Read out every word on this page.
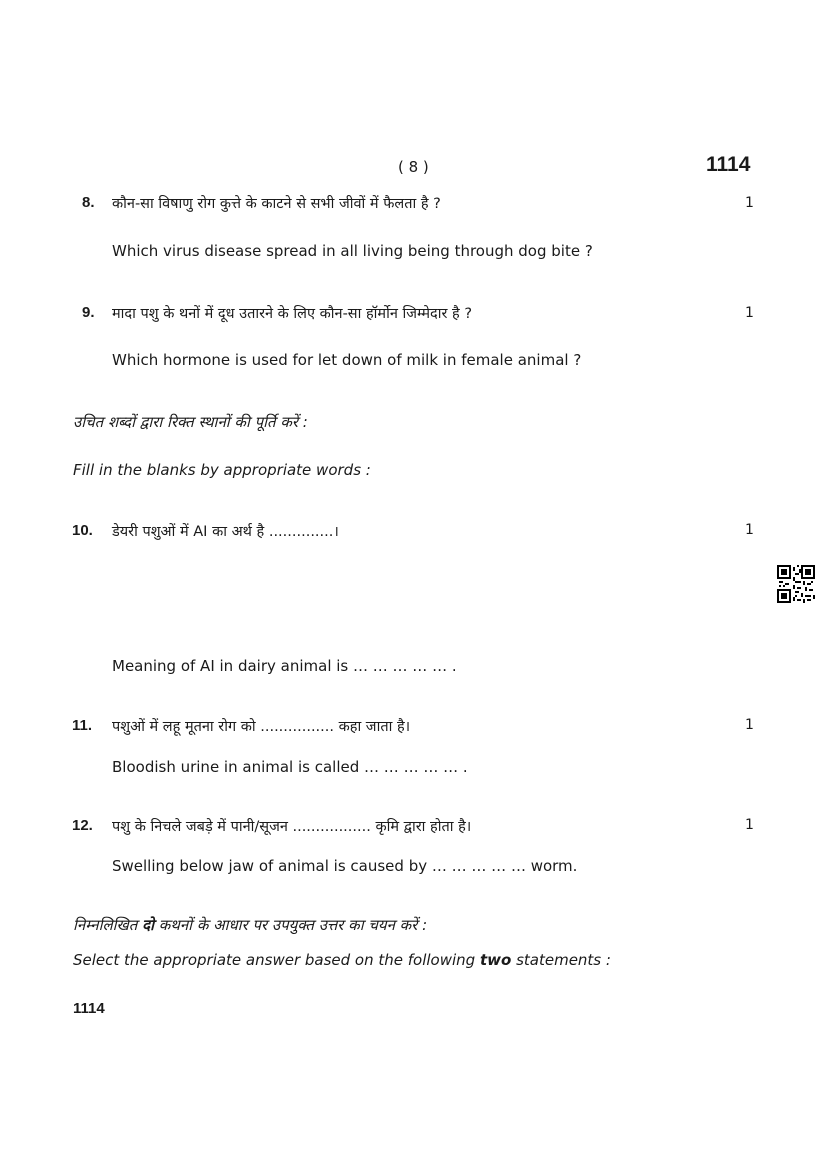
( 8 )	1114
8. कौन-सा विषाणु रोग कुत्ते के काटने से सभी जीवों में फैलता है ?	1
Which virus disease spread in all living being through dog bite ?
9. मादा पशु के थनों में दूध उतारने के लिए कौन-सा हॉर्मोन जिम्मेदार है ?	1
Which hormone is used for let down of milk in female animal ?
उचित शब्दों द्वारा रिक्त स्थानों की पूर्ति करें :
Fill in the blanks by appropriate words :
10. डेयरी पशुओं में AI का अर्थ है ..............।	1
Meaning of AI in dairy animal is … … … … … .
11. पशुओं में लहू मूतना रोग को ................ कहा जाता है।	1
Bloodish urine in animal is called … … … … … .
12. पशु के निचले जबड़े में पानी/सूजन ................. कृमि द्वारा होता है।	1
Swelling below jaw of animal is caused by … … … … … worm.
निम्नलिखित दो कथनों के आधार पर उपयुक्त उत्तर का चयन करें :
Select the appropriate answer based on the following two statements :
1114
